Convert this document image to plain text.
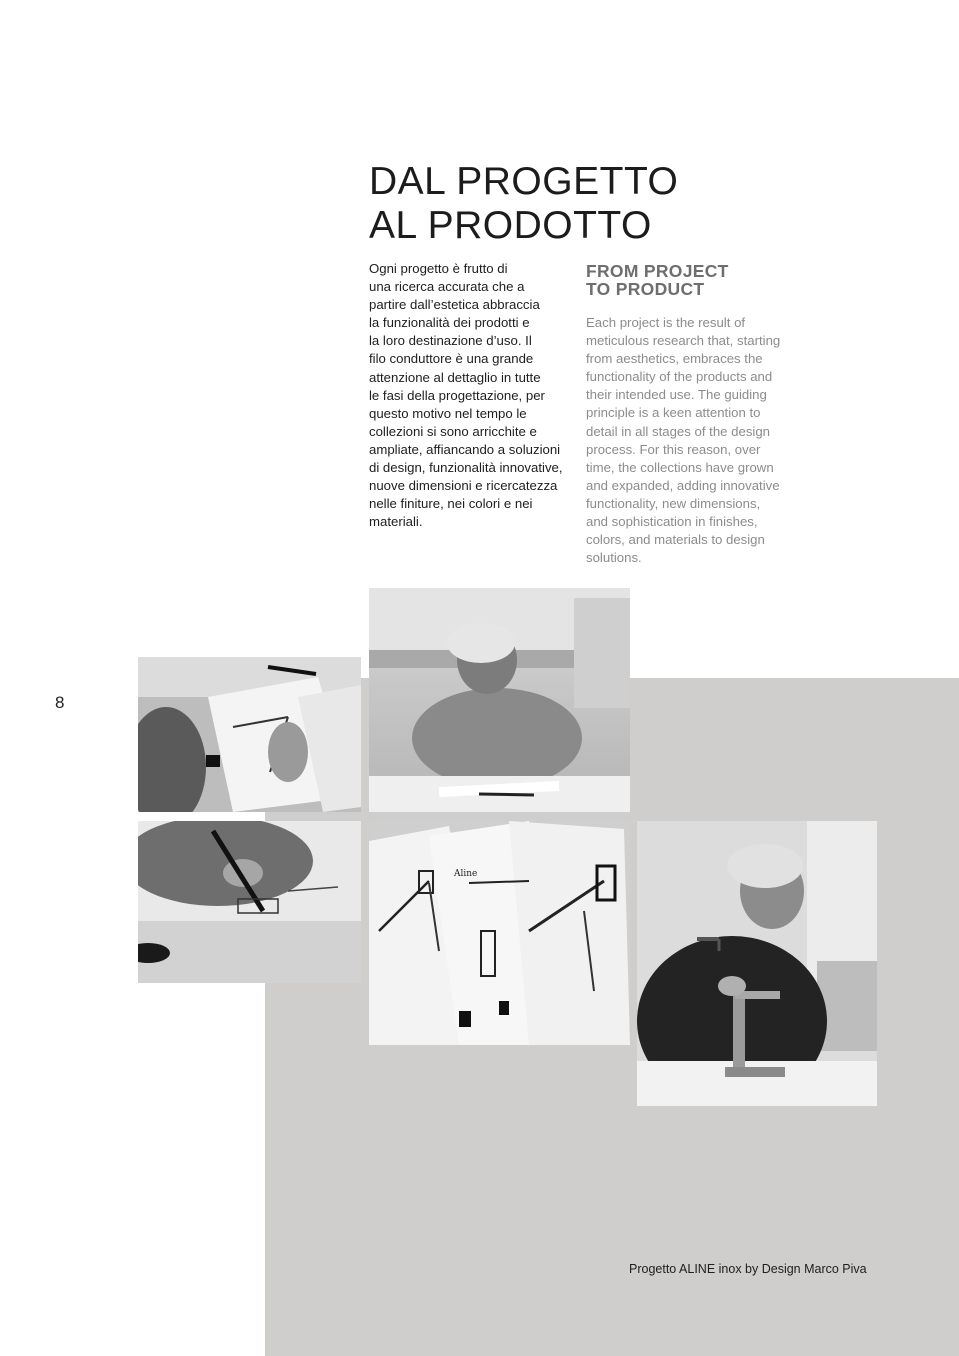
DAL PROGETTO
AL PRODOTTO
Ogni progetto è frutto di
una ricerca accurata che a
partire dall’estetica abbraccia
la funzionalità dei prodotti e
la loro destinazione d’uso. Il
filo conduttore è una grande
attenzione al dettaglio in tutte
le fasi della progettazione, per
questo motivo nel tempo le
collezioni si sono arricchite e
ampliate, affiancando a soluzioni
di design, funzionalità innovative,
nuove dimensioni e ricercatezza
nelle finiture, nei colori e nei
materiali.
FROM PROJECT
TO PRODUCT
Each project is the result of
meticulous research that, starting
from aesthetics, embraces the
functionality of the products and
their intended use. The guiding
principle is a keen attention to
detail in all stages of the design
process. For this reason, over
time, the collections have grown
and expanded, adding innovative
functionality, new dimensions,
and sophistication in finishes,
colors, and materials to design
solutions.
8
Aline
Progetto ALINE inox by Design Marco Piva
